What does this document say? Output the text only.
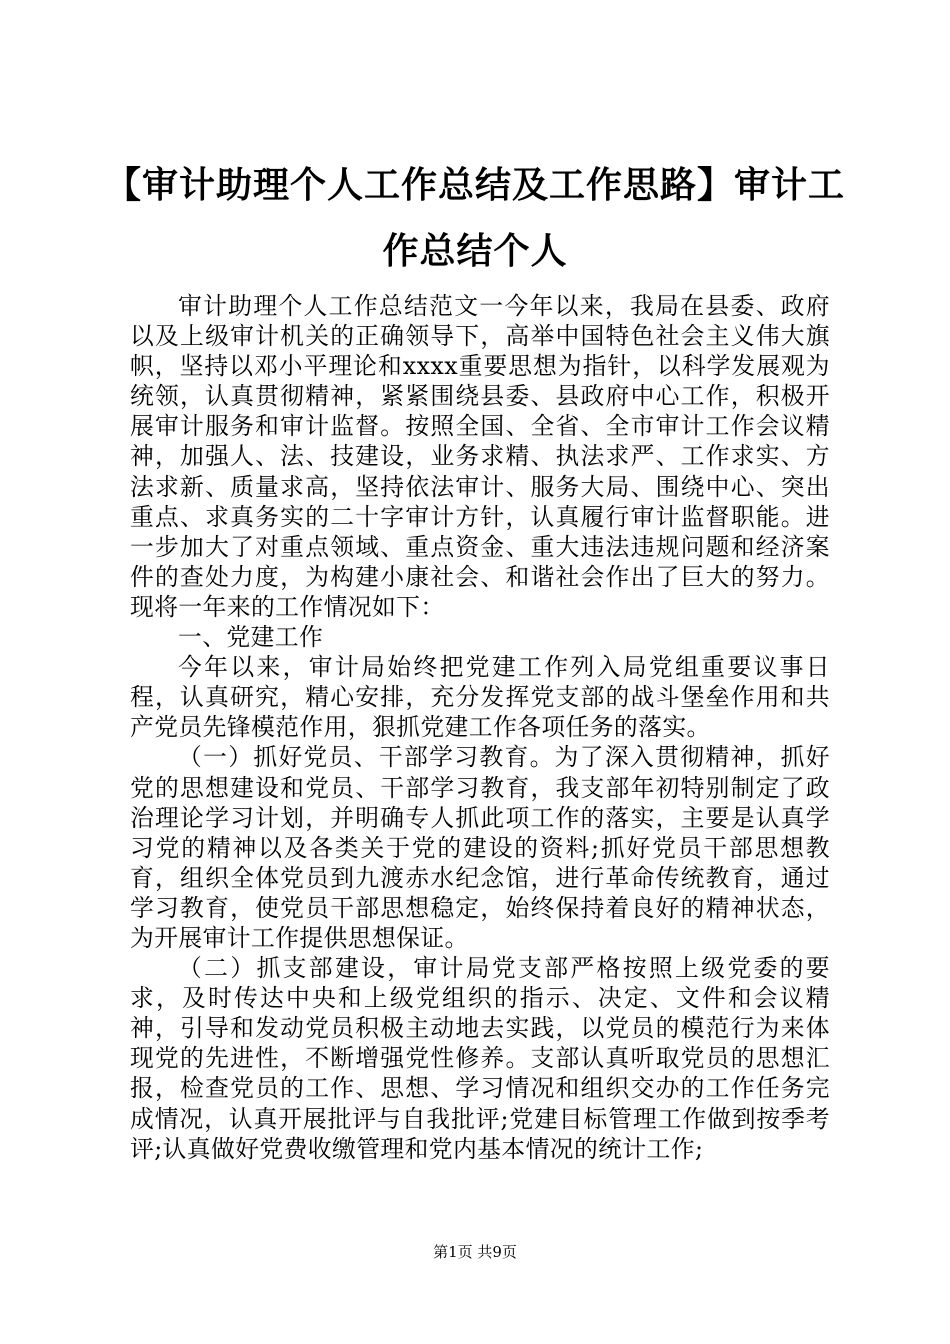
【审计助理个人工作总结及工作思路】审计工
作总结个人

审计助理个人工作总结范文一今年以来，我局在县委、政府以及上级审计机关的正确领导下，高举中国特色社会主义伟大旗帜，坚持以邓小平理论和xxxx重要思想为指针，以科学发展观为统领，认真贯彻精神，紧紧围绕县委、县政府中心工作，积极开展审计服务和审计监督。按照全国、全省、全市审计工作会议精神，加强人、法、技建设，业务求精、执法求严、工作求实、方法求新、质量求高，坚持依法审计、服务大局、围绕中心、突出重点、求真务实的二十字审计方针，认真履行审计监督职能。进一步加大了对重点领域、重点资金、重大违法违规问题和经济案件的查处力度，为构建小康社会、和谐社会作出了巨大的努力。现将一年来的工作情况如下：

一、党建工作

今年以来，审计局始终把党建工作列入局党组重要议事日程，认真研究，精心安排，充分发挥党支部的战斗堡垒作用和共产党员先锋模范作用，狠抓党建工作各项任务的落实。

（一）抓好党员、干部学习教育。为了深入贯彻精神，抓好党的思想建设和党员、干部学习教育，我支部年初特别制定了政治理论学习计划，并明确专人抓此项工作的落实，主要是认真学习党的精神以及各类关于党的建设的资料;抓好党员干部思想教育，组织全体党员到九渡赤水纪念馆，进行革命传统教育，通过学习教育，使党员干部思想稳定，始终保持着良好的精神状态，为开展审计工作提供思想保证。

（二）抓支部建设，审计局党支部严格按照上级党委的要求，及时传达中央和上级党组织的指示、决定、文件和会议精神，引导和发动党员积极主动地去实践，以党员的模范行为来体现党的先进性，不断增强党性修养。支部认真听取党员的思想汇报，检查党员的工作、思想、学习情况和组织交办的工作任务完成情况，认真开展批评与自我批评;党建目标管理工作做到按季考评;认真做好党费收缴管理和党内基本情况的统计工作;

第1页 共9页
